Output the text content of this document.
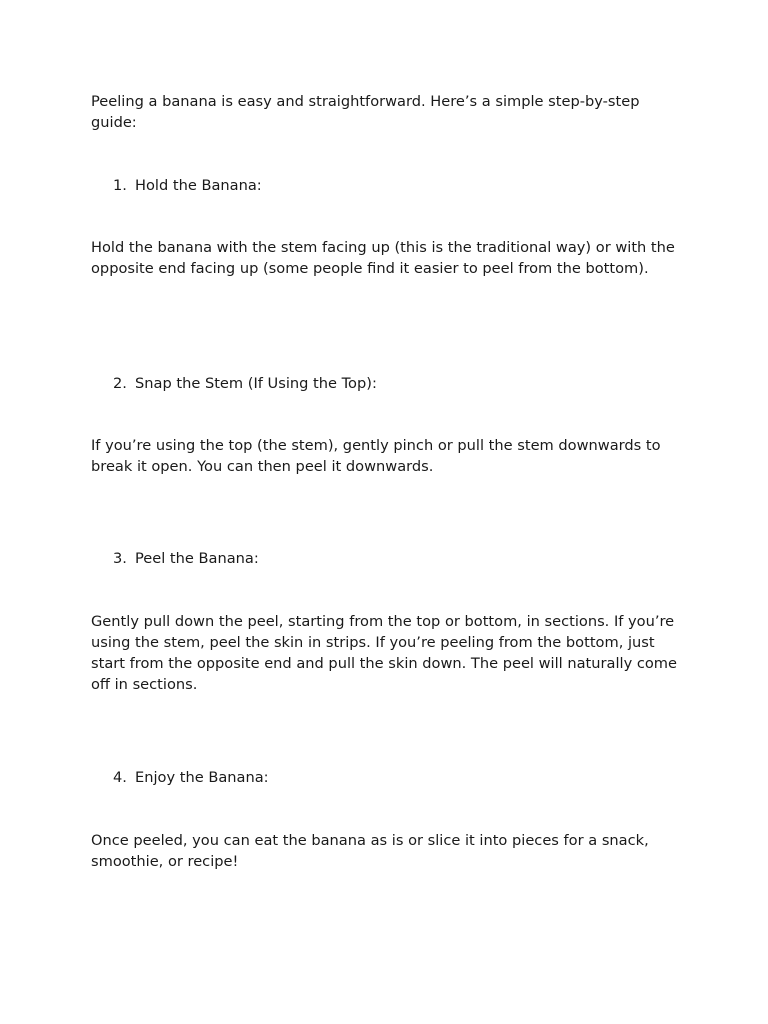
Peeling a banana is easy and straightforward. Here’s a simple step-by-step guide:

1. Hold the Banana:

Hold the banana with the stem facing up (this is the traditional way) or with the opposite end facing up (some people find it easier to peel from the bottom).

2. Snap the Stem (If Using the Top):

If you’re using the top (the stem), gently pinch or pull the stem downwards to break it open. You can then peel it downwards.

3. Peel the Banana:

Gently pull down the peel, starting from the top or bottom, in sections. If you’re using the stem, peel the skin in strips. If you’re peeling from the bottom, just start from the opposite end and pull the skin down. The peel will naturally come off in sections.

4. Enjoy the Banana:

Once peeled, you can eat the banana as is or slice it into pieces for a snack, smoothie, or recipe!
